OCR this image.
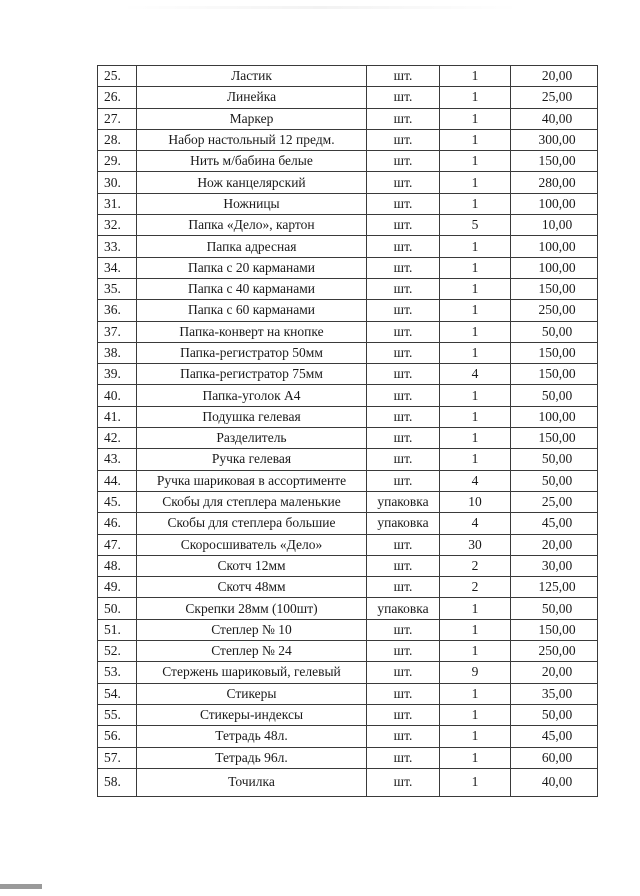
25.	Ластик	шт.	1	20,00
26.	Линейка	шт.	1	25,00
27.	Маркер	шт.	1	40,00
28.	Набор настольный 12 предм.	шт.	1	300,00
29.	Нить м/бабина белые	шт.	1	150,00
30.	Нож канцелярский	шт.	1	280,00
31.	Ножницы	шт.	1	100,00
32.	Папка «Дело», картон	шт.	5	10,00
33.	Папка адресная	шт.	1	100,00
34.	Папка с 20 карманами	шт.	1	100,00
35.	Папка с 40 карманами	шт.	1	150,00
36.	Папка с 60 карманами	шт.	1	250,00
37.	Папка-конверт на кнопке	шт.	1	50,00
38.	Папка-регистратор 50мм	шт.	1	150,00
39.	Папка-регистратор 75мм	шт.	4	150,00
40.	Папка-уголок А4	шт.	1	50,00
41.	Подушка гелевая	шт.	1	100,00
42.	Разделитель	шт.	1	150,00
43.	Ручка гелевая	шт.	1	50,00
44.	Ручка шариковая в ассортименте	шт.	4	50,00
45.	Скобы для степлера маленькие	упаковка	10	25,00
46.	Скобы для степлера большие	упаковка	4	45,00
47.	Скоросшиватель «Дело»	шт.	30	20,00
48.	Скотч 12мм	шт.	2	30,00
49.	Скотч 48мм	шт.	2	125,00
50.	Скрепки 28мм (100шт)	упаковка	1	50,00
51.	Степлер № 10	шт.	1	150,00
52.	Степлер № 24	шт.	1	250,00
53.	Стержень шариковый, гелевый	шт.	9	20,00
54.	Стикеры	шт.	1	35,00
55.	Стикеры-индексы	шт.	1	50,00
56.	Тетрадь 48л.	шт.	1	45,00
57.	Тетрадь 96л.	шт.	1	60,00
58.	Точилка	шт.	1	40,00
